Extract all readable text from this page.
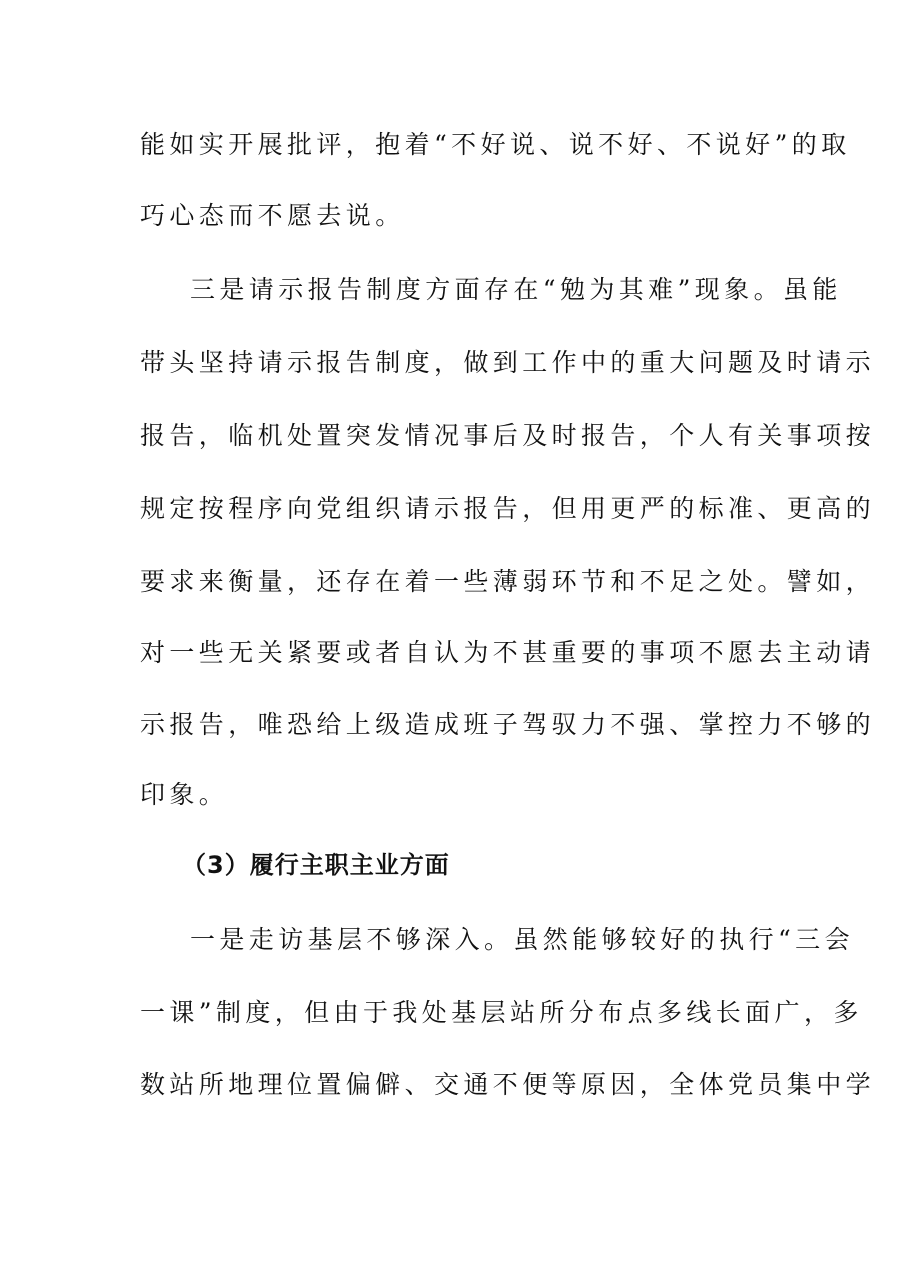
能如实开展批评，抱着“不好说、说不好、不说好”的取
巧心态而不愿去说。
三是请示报告制度方面存在“勉为其难”现象。虽能
带头坚持请示报告制度，做到工作中的重大问题及时请示
报告，临机处置突发情况事后及时报告，个人有关事项按
规定按程序向党组织请示报告，但用更严的标准、更高的
要求来衡量，还存在着一些薄弱环节和不足之处。譬如，
对一些无关紧要或者自认为不甚重要的事项不愿去主动请
示报告，唯恐给上级造成班子驾驭力不强、掌控力不够的
印象。
（3）履行主职主业方面
一是走访基层不够深入。虽然能够较好的执行“三会
一课”制度，但由于我处基层站所分布点多线长面广，多
数站所地理位置偏僻、交通不便等原因，全体党员集中学
